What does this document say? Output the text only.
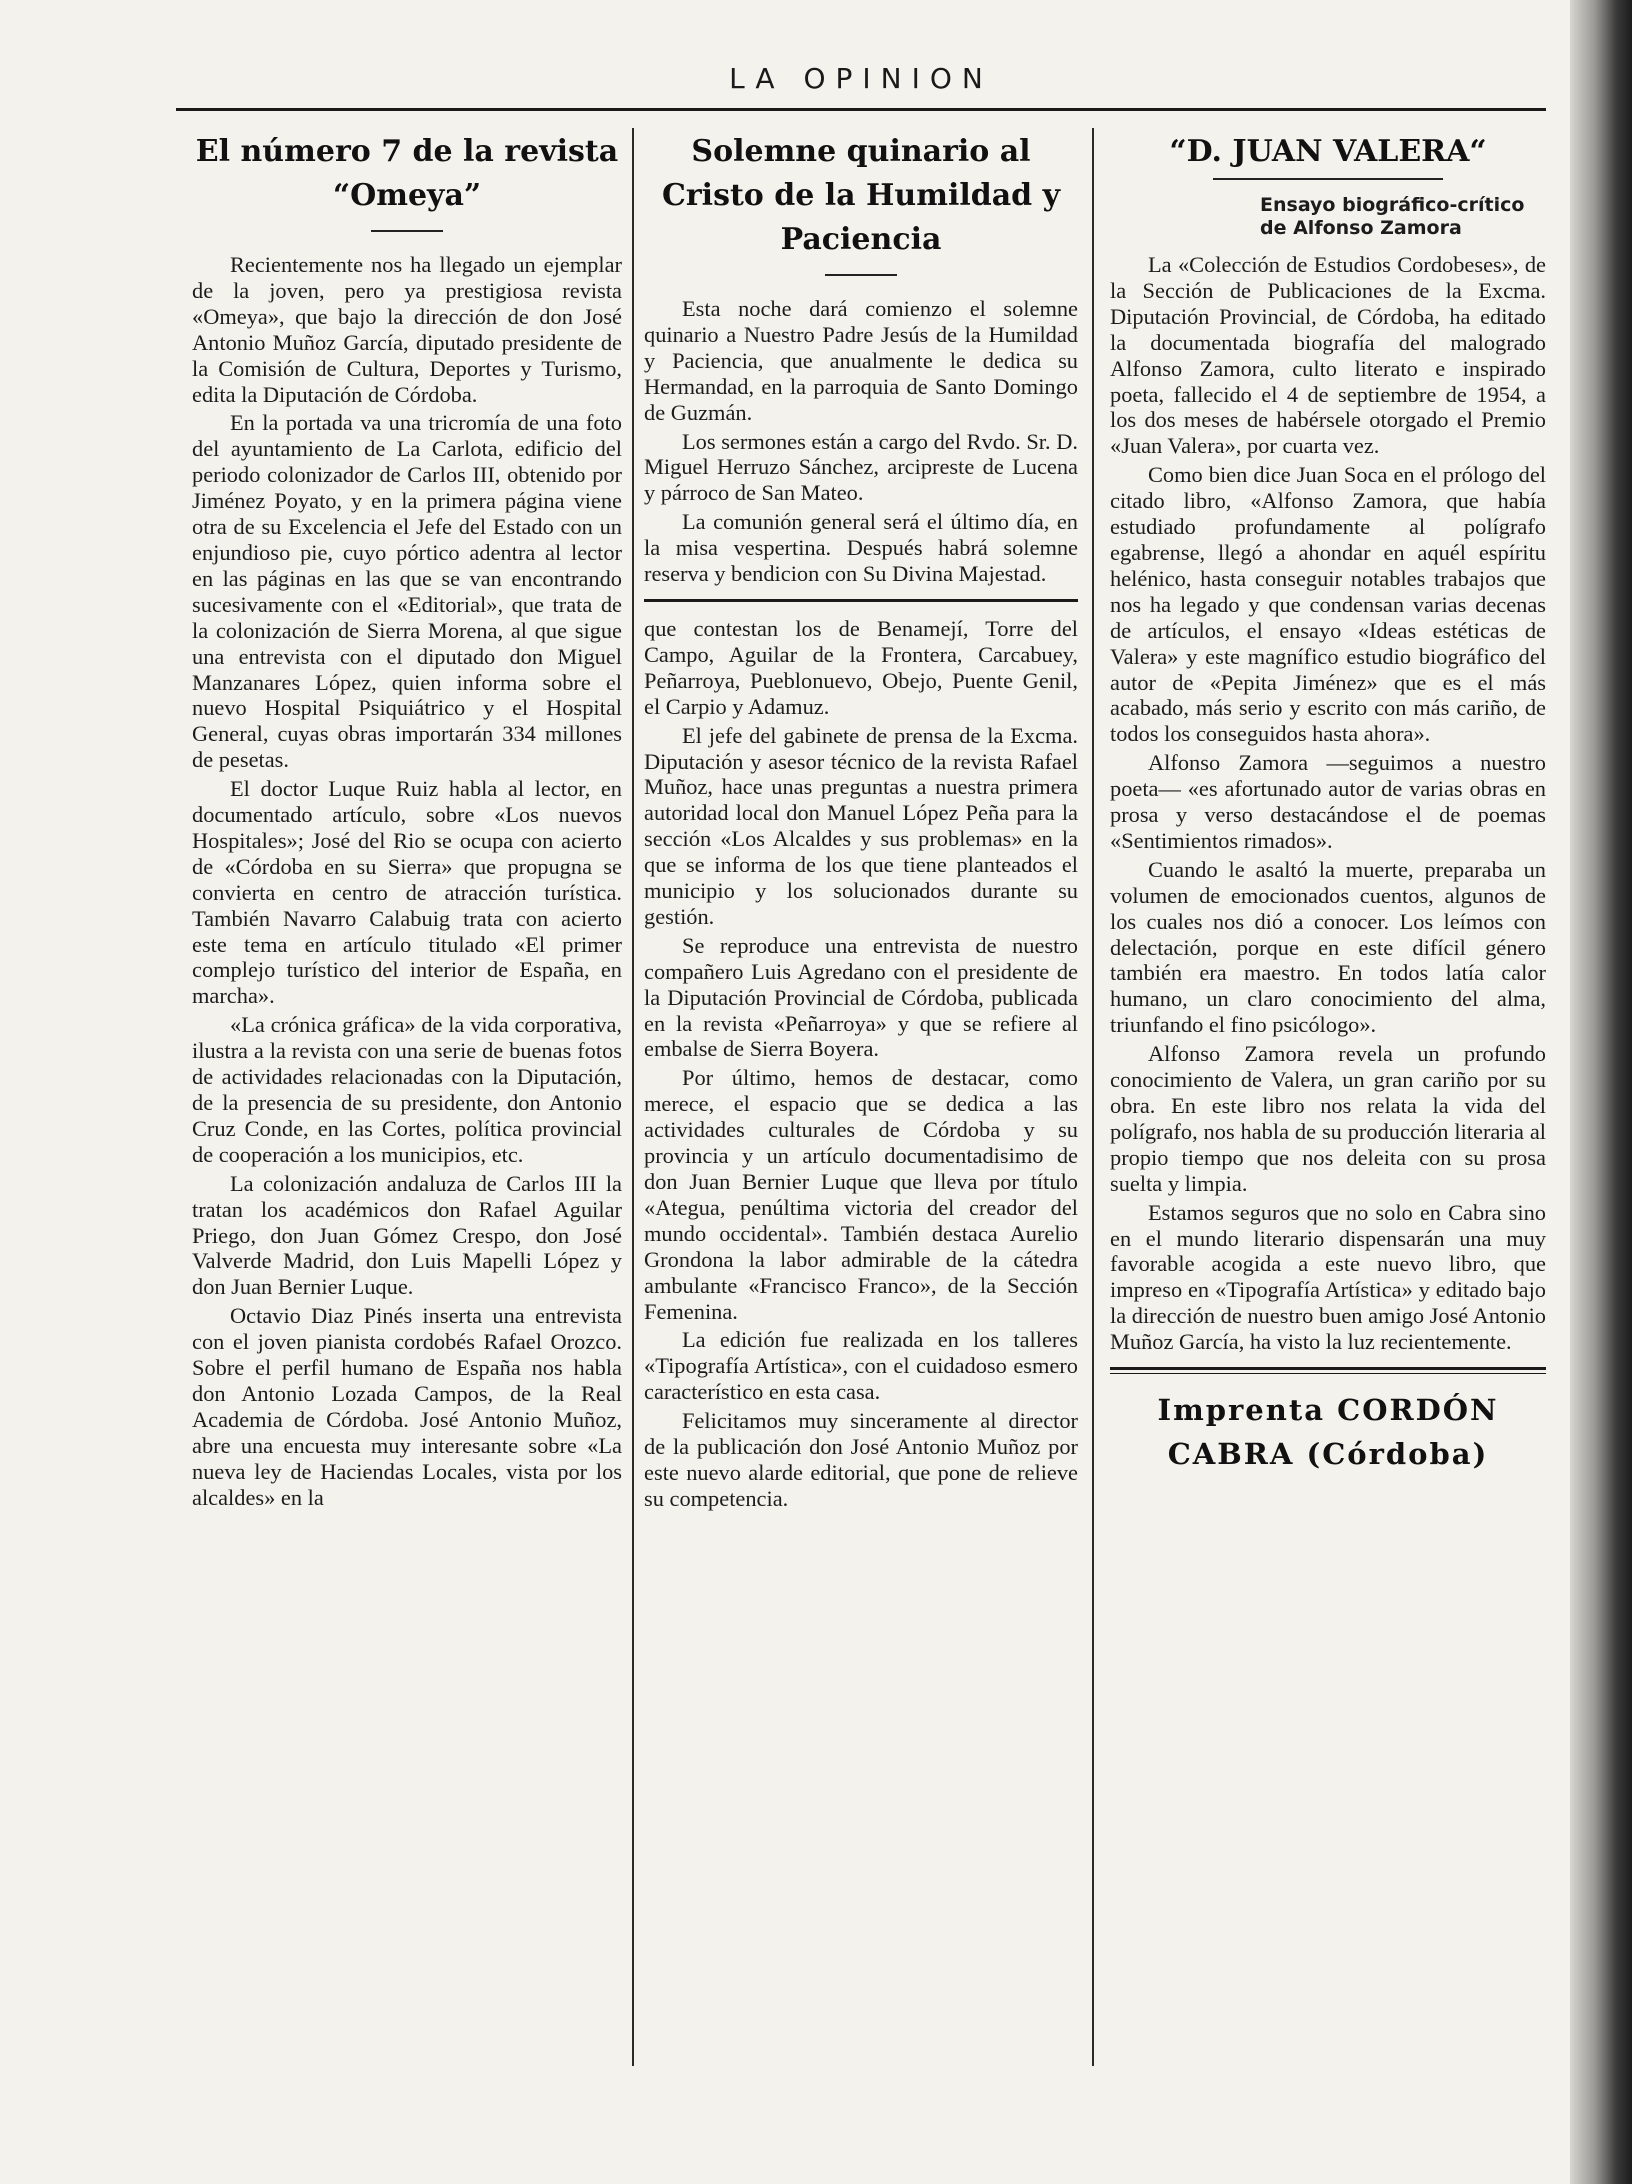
LA OPINION
El número 7 de la revista “Omeya”

Recientemente nos ha llegado un ejemplar de la joven, pero ya prestigiosa revista «Omeya», que bajo la dirección de don José Antonio Muñoz García, diputado presidente de la Comisión de Cultura, Deportes y Turismo, edita la Diputación de Córdoba.

En la portada va una tricromía de una foto del ayuntamiento de La Carlota, edificio del periodo colonizador de Carlos III, obtenido por Jiménez Poyato, y en la primera página viene otra de su Excelencia el Jefe del Estado con un enjundioso pie, cuyo pórtico adentra al lector en las páginas en las que se van encontrando sucesivamente con el «Editorial», que trata de la colonización de Sierra Morena, al que sigue una entrevista con el diputado don Miguel Manzanares López, quien informa sobre el nuevo Hospital Psiquiátrico y el Hospital General, cuyas obras importarán 334 millones de pesetas.

El doctor Luque Ruiz habla al lector, en documentado artículo, sobre «Los nuevos Hospitales»; José del Rio se ocupa con acierto de «Córdoba en su Sierra» que propugna se convierta en centro de atracción turística. También Navarro Calabuig trata con acierto este tema en artículo titulado «El primer complejo turístico del interior de España, en marcha».

«La crónica gráfica» de la vida corporativa, ilustra a la revista con una serie de buenas fotos de actividades relacionadas con la Diputación, de la presencia de su presidente, don Antonio Cruz Conde, en las Cortes, política provincial de cooperación a los municipios, etc.

La colonización andaluza de Carlos III la tratan los académicos don Rafael Aguilar Priego, don Juan Gómez Crespo, don José Valverde Madrid, don Luis Mapelli López y don Juan Bernier Luque.

Octavio Diaz Pinés inserta una entrevista con el joven pianista cordobés Rafael Orozco. Sobre el perfil humano de España nos habla don Antonio Lozada Campos, de la Real Academia de Córdoba. José Antonio Muñoz, abre una encuesta muy interesante sobre «La nueva ley de Haciendas Locales, vista por los alcaldes» en la

Solemne quinario al Cristo de la Humildad y Paciencia

Esta noche dará comienzo el solemne quinario a Nuestro Padre Jesús de la Humildad y Paciencia, que anualmente le dedica su Hermandad, en la parroquia de Santo Domingo de Guzmán.

Los sermones están a cargo del Rvdo. Sr. D. Miguel Herruzo Sánchez, arcipreste de Lucena y párroco de San Mateo.

La comunión general será el último día, en la misa vespertina. Después habrá solemne reserva y bendicion con Su Divina Majestad.

que contestan los de Benamejí, Torre del Campo, Aguilar de la Frontera, Carcabuey, Peñarroya, Pueblonuevo, Obejo, Puente Genil, el Carpio y Adamuz.

El jefe del gabinete de prensa de la Excma. Diputación y asesor técnico de la revista Rafael Muñoz, hace unas preguntas a nuestra primera autoridad local don Manuel López Peña para la sección «Los Alcaldes y sus problemas» en la que se informa de los que tiene planteados el municipio y los solucionados durante su gestión.

Se reproduce una entrevista de nuestro compañero Luis Agredano con el presidente de la Diputación Provincial de Córdoba, publicada en la revista «Peñarroya» y que se refiere al embalse de Sierra Boyera.

Por último, hemos de destacar, como merece, el espacio que se dedica a las actividades culturales de Córdoba y su provincia y un artículo documentadisimo de don Juan Bernier Luque que lleva por título «Ategua, penúltima victoria del creador del mundo occidental». También destaca Aurelio Grondona la labor admirable de la cátedra ambulante «Francisco Franco», de la Sección Femenina.

La edición fue realizada en los talleres «Tipografía Artística», con el cuidadoso esmero característico en esta casa.

Felicitamos muy sinceramente al director de la publicación don José Antonio Muñoz por este nuevo alarde editorial, que pone de relieve su competencia.

“D. JUAN VALERA“
Ensayo biográfico-crítico de Alfonso Zamora

La «Colección de Estudios Cordobeses», de la Sección de Publicaciones de la Excma. Diputación Provincial, de Córdoba, ha editado la documentada biografía del malogrado Alfonso Zamora, culto literato e inspirado poeta, fallecido el 4 de septiembre de 1954, a los dos meses de habérsele otorgado el Premio «Juan Valera», por cuarta vez.

Como bien dice Juan Soca en el prólogo del citado libro, «Alfonso Zamora, que había estudiado profundamente al polígrafo egabrense, llegó a ahondar en aquél espíritu helénico, hasta conseguir notables trabajos que nos ha legado y que condensan varias decenas de artículos, el ensayo «Ideas estéticas de Valera» y este magnífico estudio biográfico del autor de «Pepita Jiménez» que es el más acabado, más serio y escrito con más cariño, de todos los conseguidos hasta ahora».

Alfonso Zamora —seguimos a nuestro poeta— «es afortunado autor de varias obras en prosa y verso destacándose el de poemas «Sentimientos rimados».

Cuando le asaltó la muerte, preparaba un volumen de emocionados cuentos, algunos de los cuales nos dió a conocer. Los leímos con delectación, porque en este difícil género también era maestro. En todos latía calor humano, un claro conocimiento del alma, triunfando el fino psicólogo».

Alfonso Zamora revela un profundo conocimiento de Valera, un gran cariño por su obra. En este libro nos relata la vida del polígrafo, nos habla de su producción literaria al propio tiempo que nos deleita con su prosa suelta y limpia.

Estamos seguros que no solo en Cabra sino en el mundo literario dispensarán una muy favorable acogida a este nuevo libro, que impreso en «Tipografía Artística» y editado bajo la dirección de nuestro buen amigo José Antonio Muñoz García, ha visto la luz recientemente.

Imprenta CORDÓN
CABRA (Córdoba)
